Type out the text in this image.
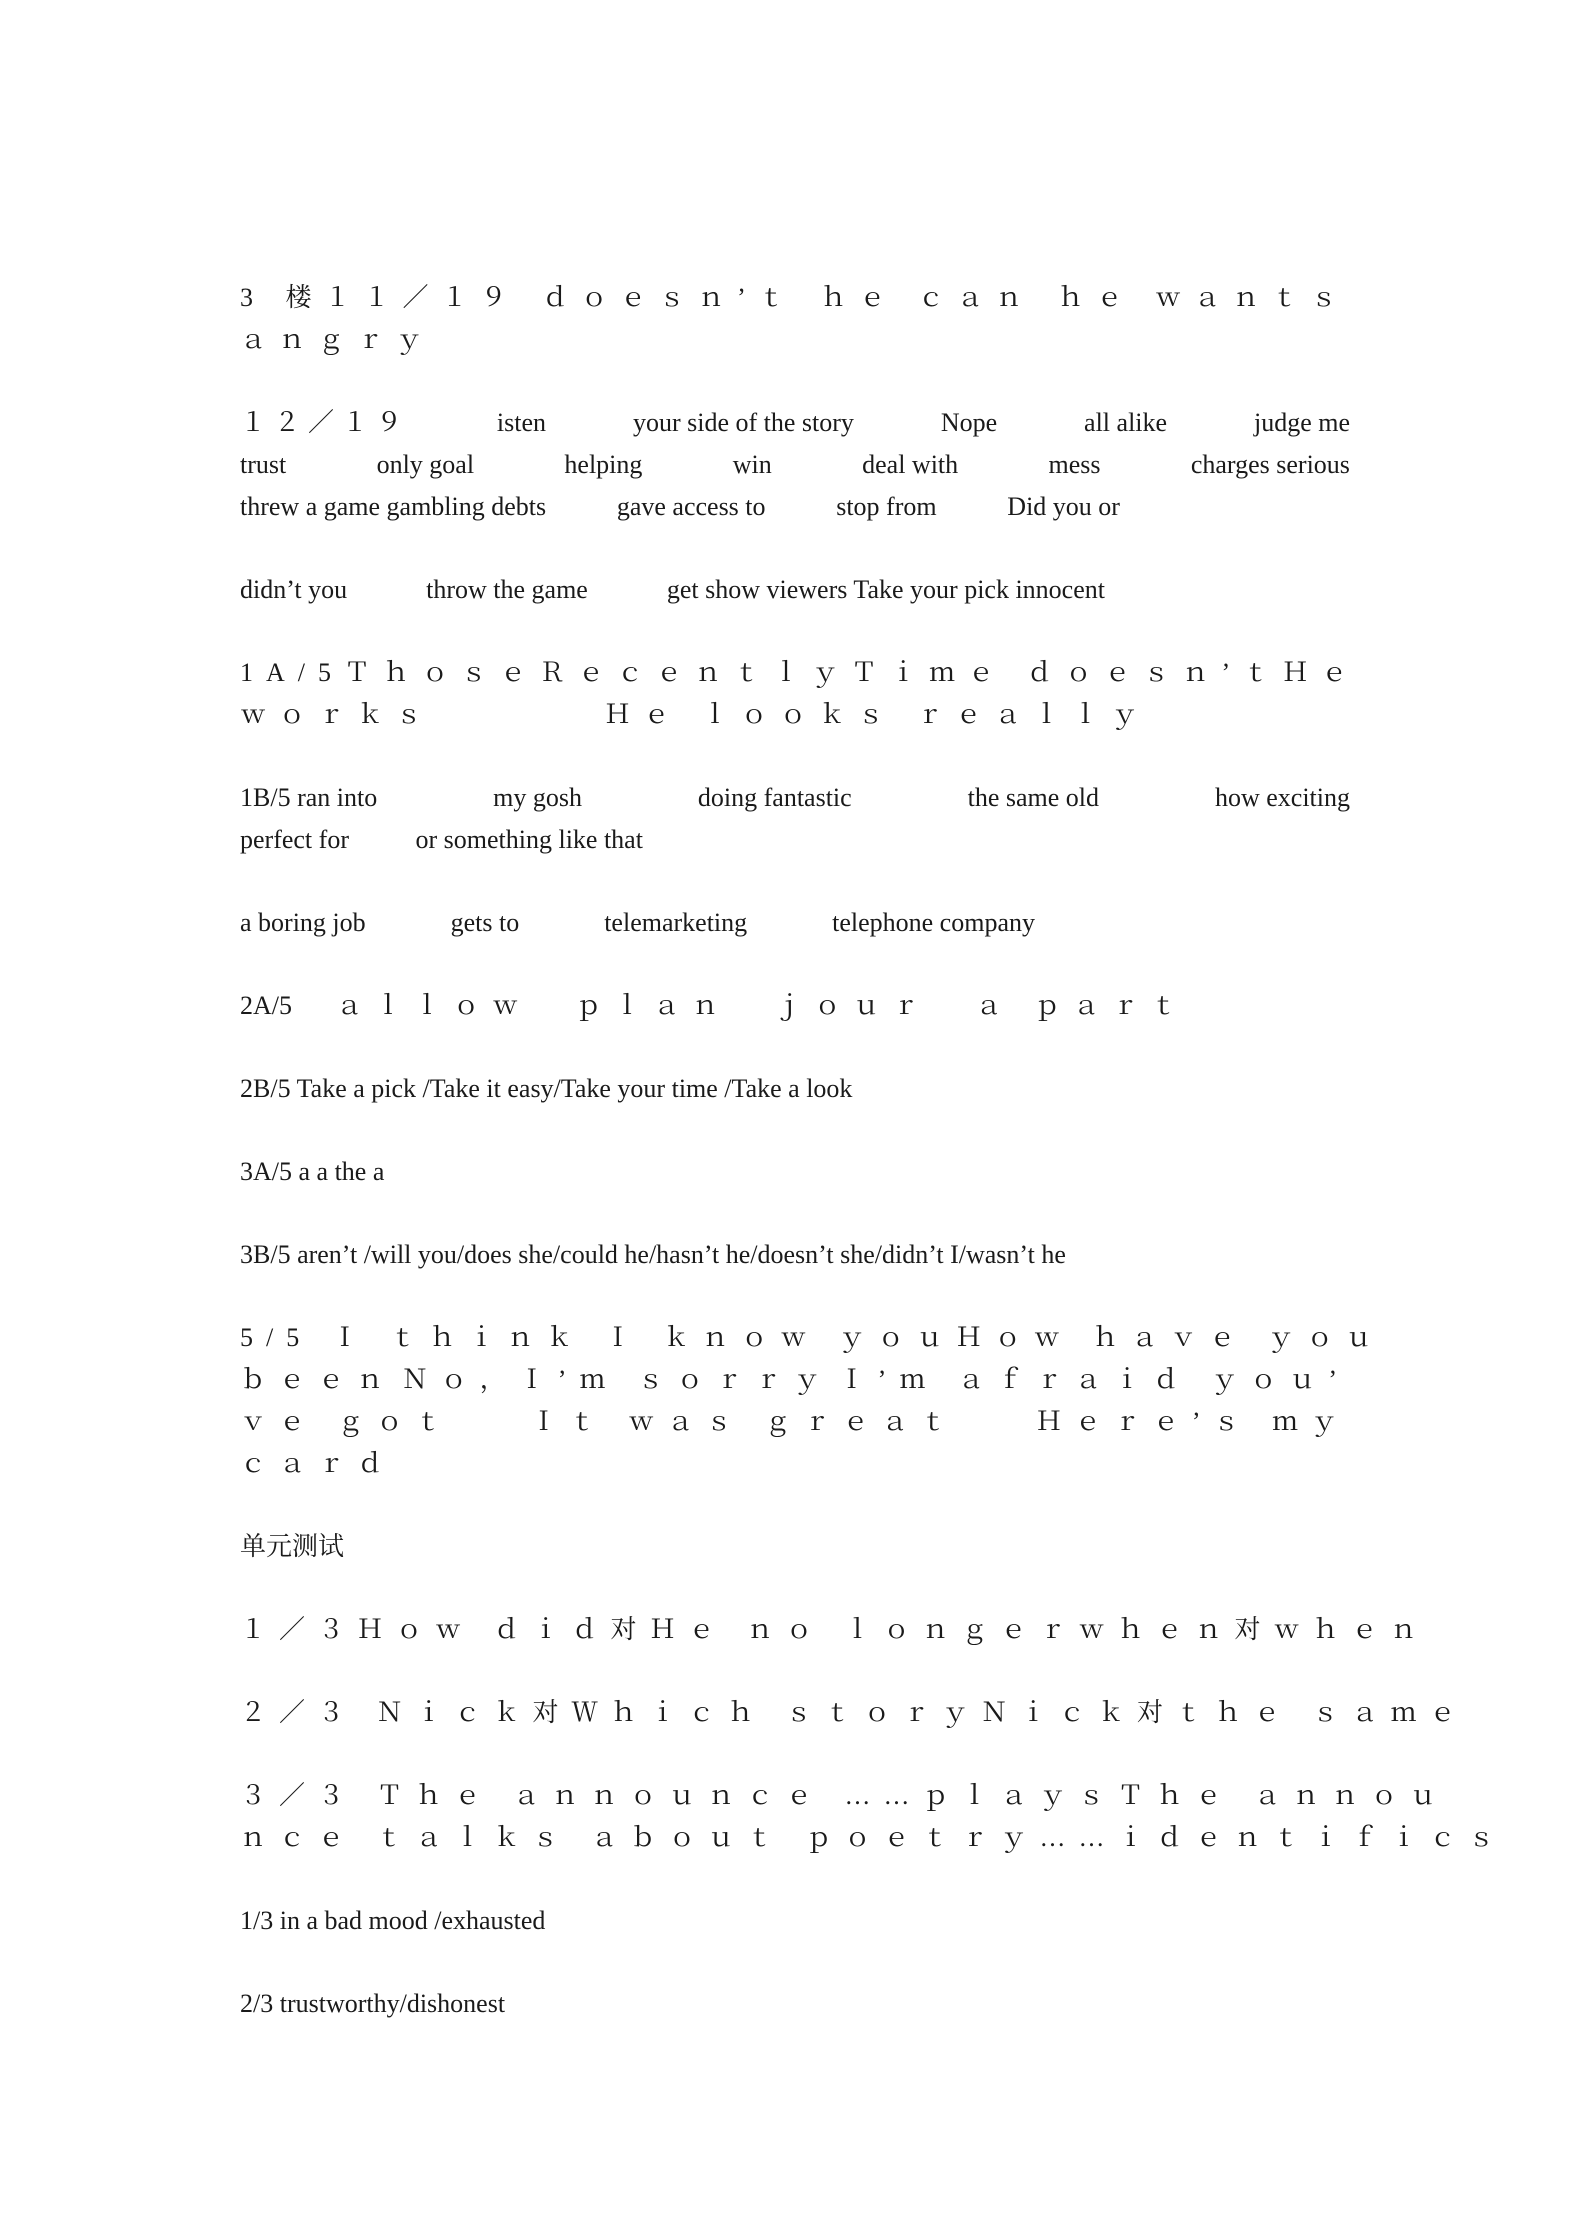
3 楼１１／１９ ｄｏｅｓｎ’ｔ ｈｅ ｃａｎ ｈｅ ｗａｎｔｓ
ａｎｇｒｙ
１２／１９	isten	your side of the story	Nope	all alike	judge me
trust	only goal	helping	win	deal with	mess	charges serious
threw a game gambling debts	gave access to	stop from	Did you or
didn’t you	throw the game	get show viewers Take your pick innocent
1A/5Ｔｈｏｓｅ Ｒｅｃｅｎｔｌｙ Ｔｉｍｅ ｄｏｅｓｎ’ｔ Ｈｅ
ｗｏｒｋｓ	Ｈｅ ｌｏｏｋｓ ｒｅａｌｌｙ
1B/5 ran into	my gosh	doing fantastic	the same old	how exciting
perfect for	or something like that
a boring job	gets to	telemarketing	telephone company
2A/5 ａｌｌｏｗ ｐｌａｎ ｊｏｕｒ ａ ｐａｒｔ
2B/5 Take a pick /Take it easy/Take your time /Take a look
3A/5 a a the a
3B/5 aren’t /will you/does she/could he/hasn’t he/doesn’t she/didn’t I/wasn’t he
5/5 Ｉ ｔｈｉｎｋ Ｉ ｋｎｏｗ ｙｏｕ Ｈｏｗ ｈａｖｅ ｙｏｕ
ｂｅｅｎ Ｎｏ，Ｉ’ｍ ｓｏｒｒｙ Ｉ’ｍ ａｆｒａｉｄ ｙｏｕ’
ｖｅ ｇｏｔ	Ｉｔ ｗａｓ ｇｒｅａｔ	Ｈｅｒｅ’ｓ ｍｙ
ｃａｒｄ
单元测试
１／３Ｈｏｗ ｄｉｄ对Ｈｅ ｎｏ ｌｏｎｇｅｒ ｗｈｅｎ对ｗｈｅｎ
２／３ Ｎｉｃｋ对Ｗｈｉｃｈ ｓｔｏｒｙ Ｎｉｃｋ对ｔｈｅ ｓａｍｅ
３／３ Ｔｈｅ ａｎｎｏｕｎｃｅ ……ｐｌａｙｓ Ｔｈｅ ａｎｎｏｕ
ｎｃｅ ｔａｌｋｓ ａｂｏｕｔ ｐｏｅｔｒｙ……ｉｄｅｎｔｉｆｉｃｓ
1/3 in a bad mood /exhausted
2/3 trustworthy/dishonest
